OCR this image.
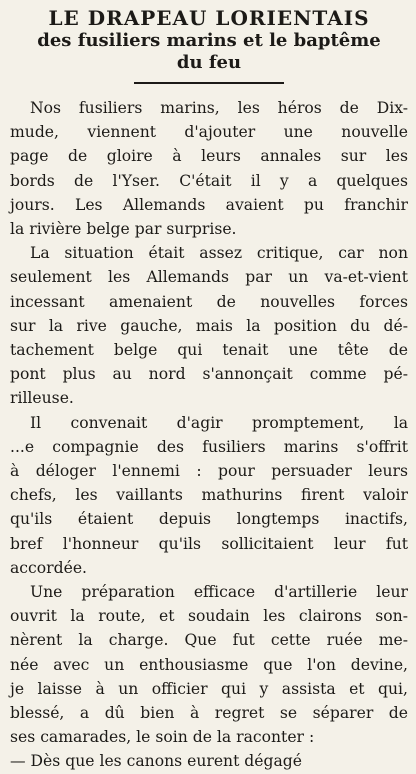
LE DRAPEAU LORIENTAIS
des fusiliers marins et le baptême
du feu

Nos fusiliers marins, les héros de Dix-
mude, viennent d'ajouter une nouvelle
page de gloire à leurs annales sur les
bords de l'Yser. C'était il y a quelques
jours. Les Allemands avaient pu franchir
la rivière belge par surprise.

La situation était assez critique, car non
seulement les Allemands par un va-et-vient
incessant amenaient de nouvelles forces
sur la rive gauche, mais la position du dé-
tachement belge qui tenait une tête de
pont plus au nord s'annonçait comme pé-
rilleuse.

Il convenait d'agir promptement, la
...e compagnie des fusiliers marins s'offrit
à déloger l'ennemi : pour persuader leurs
chefs, les vaillants mathurins firent valoir
qu'ils étaient depuis longtemps inactifs,
bref l'honneur qu'ils sollicitaient leur fut
accordée.

Une préparation efficace d'artillerie leur
ouvrit la route, et soudain les clairons son-
nèrent la charge. Que fut cette ruée me-
née avec un enthousiasme que l'on devine,
je laisse à un officier qui y assista et qui,
blessé, a dû bien à regret se séparer de
ses camarades, le soin de la raconter :

— Dès que les canons eurent dégagé
